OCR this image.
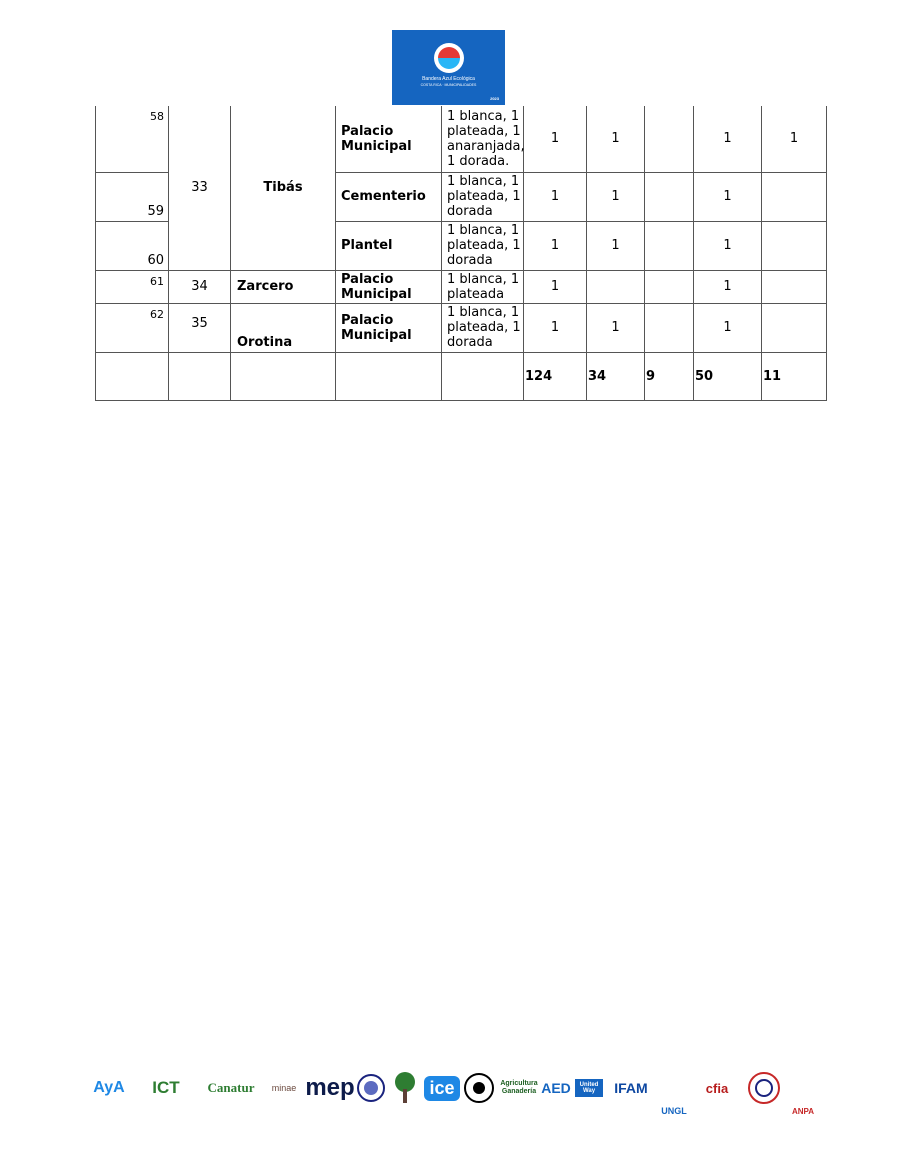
Bandera Azul Ecológica
COSTA RICA · MUNICIPALIDADES
2023
58	33	Tibás	Palacio Municipal	1 blanca, 1 plateada, 1 anaranjada, 1 dorada.	1	1		1	1
59			Cementerio	1 blanca, 1 plateada, 1 dorada	1	1		1	
60			Plantel	1 blanca, 1 plateada, 1 dorada	1	1		1	
61	34	Zarcero	Palacio Municipal	1 blanca, 1 plateada	1			1	
62	35	Orotina	Palacio Municipal	1 blanca, 1 plateada, 1 dorada	1	1		1	
					124	34	9	50	11
AyA ICT Canatur minae mep	ice	Agricultura Ganadería AED	United Way	IFAM
UNGL
cfia
ANPA
